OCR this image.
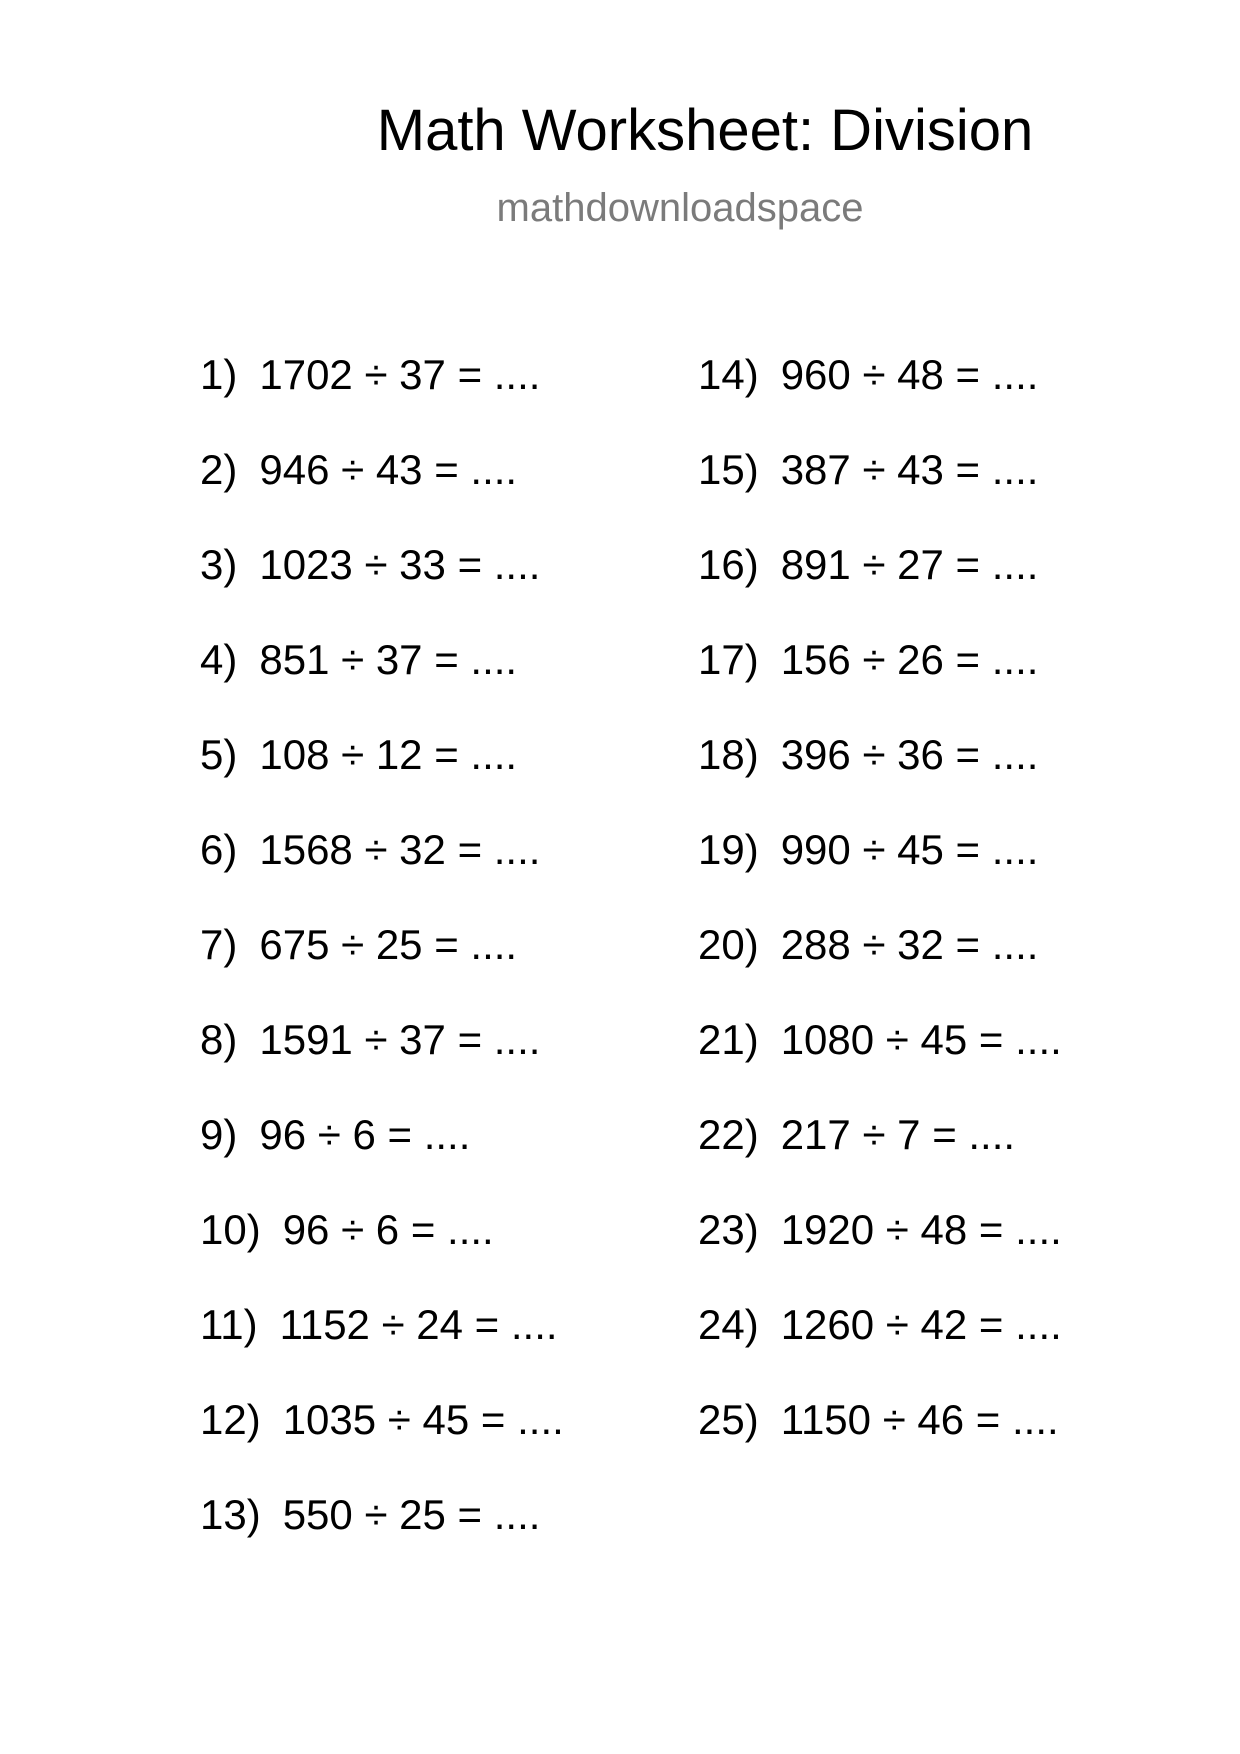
Math Worksheet: Division
mathdownloadspace
1) 1702 ÷ 37 = ....
2) 946 ÷ 43 = ....
3) 1023 ÷ 33 = ....
4) 851 ÷ 37 = ....
5) 108 ÷ 12 = ....
6) 1568 ÷ 32 = ....
7) 675 ÷ 25 = ....
8) 1591 ÷ 37 = ....
9) 96 ÷ 6 = ....
10) 96 ÷ 6 = ....
11) 1152 ÷ 24 = ....
12) 1035 ÷ 45 = ....
13) 550 ÷ 25 = ....
14) 960 ÷ 48 = ....
15) 387 ÷ 43 = ....
16) 891 ÷ 27 = ....
17) 156 ÷ 26 = ....
18) 396 ÷ 36 = ....
19) 990 ÷ 45 = ....
20) 288 ÷ 32 = ....
21) 1080 ÷ 45 = ....
22) 217 ÷ 7 = ....
23) 1920 ÷ 48 = ....
24) 1260 ÷ 42 = ....
25) 1150 ÷ 46 = ....
